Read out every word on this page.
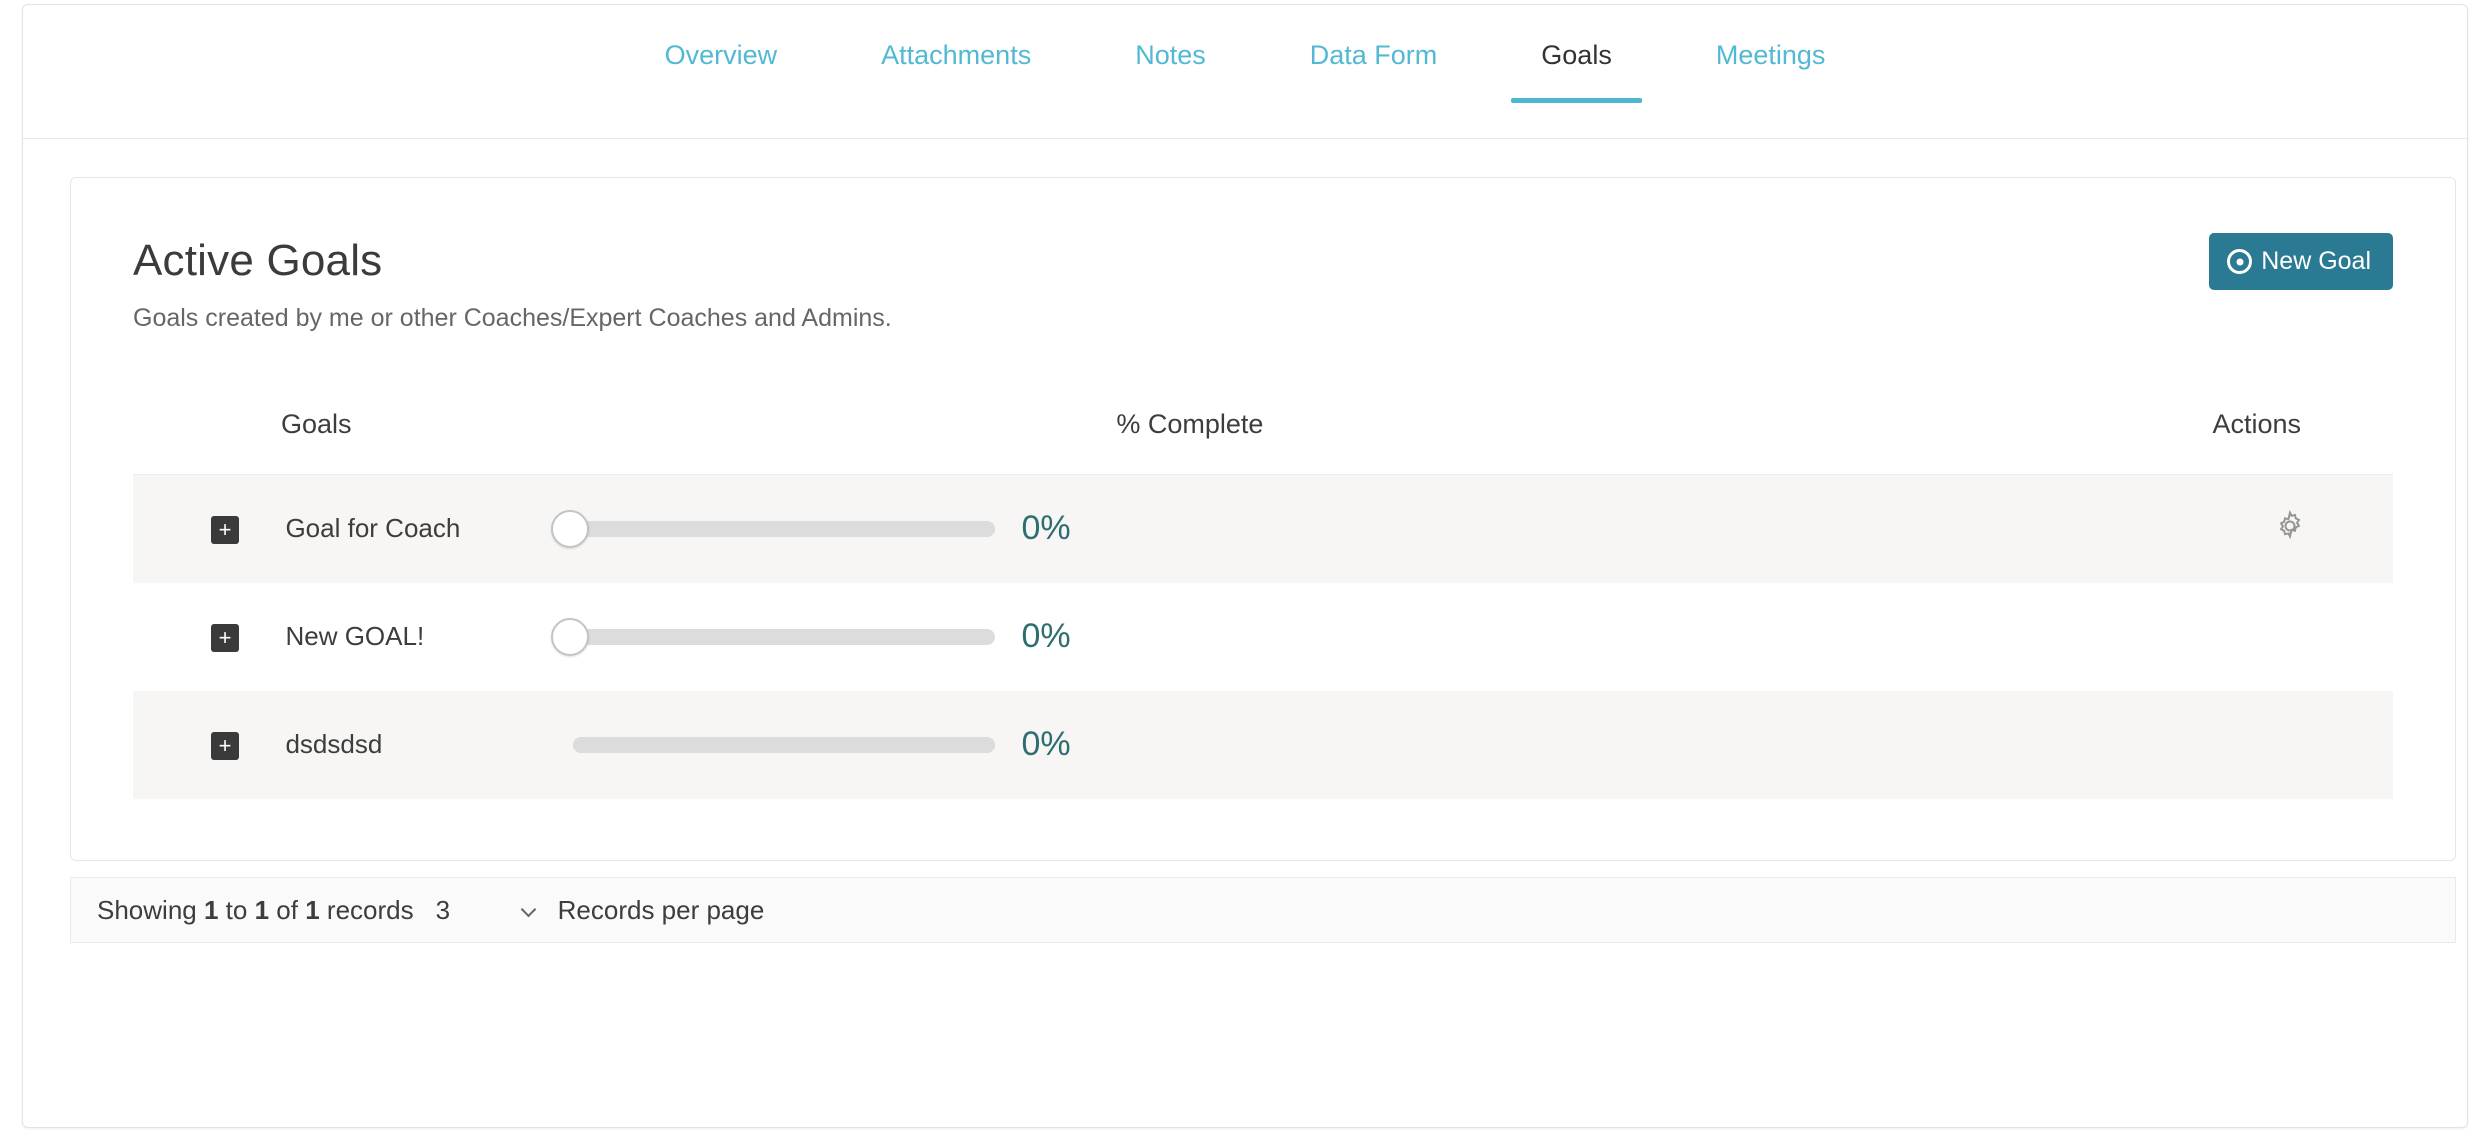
Overview	Attachments	Notes	Data Form	Goals	Meetings
Active Goals
Goals created by me or other Coaches/Expert Coaches and Admins.
New Goal
Goals	% Complete	Actions
+ Goal for Coach	0%

+ New GOAL!	0%	

+ dsdsdsd	0%	

Showing 1 to 1 of 1 records 3	Records per page
